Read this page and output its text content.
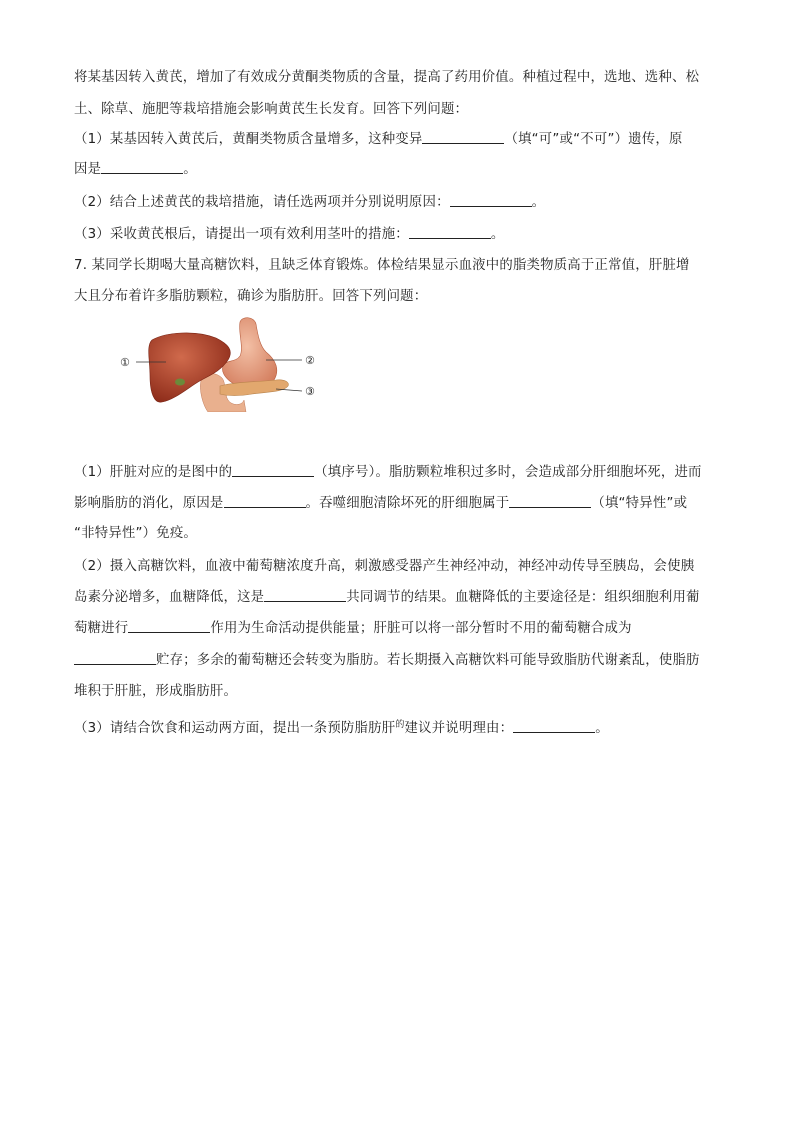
将某基因转入黄芪，增加了有效成分黄酮类物质的含量，提高了药用价值。种植过程中，选地、选种、松
土、除草、施肥等栽培措施会影响黄芪生长发育。回答下列问题：
（1）某基因转入黄芪后，黄酮类物质含量增多，这种变异	（填“可”或“不可”）遗传，原
因是	。
（2）结合上述黄芪的栽培措施，请任选两项并分别说明原因：	。
（3）采收黄芪根后，请提出一项有效利用茎叶的措施：	。
7. 某同学长期喝大量高糖饮料，且缺乏体育锻炼。体检结果显示血液中的脂类物质高于正常值，肝脏增
大且分布着许多脂肪颗粒，确诊为脂肪肝。回答下列问题：
①	②
③
（1）肝脏对应的是图中的	（填序号）。脂肪颗粒堆积过多时，会造成部分肝细胞坏死，进而
影响脂肪的消化，原因是	。吞噬细胞清除坏死的肝细胞属于	（填“特异性”或
“非特异性”）免疫。
（2）摄入高糖饮料，血液中葡萄糖浓度升高，刺激感受器产生神经冲动，神经冲动传导至胰岛，会使胰
岛素分泌增多，血糖降低，这是	共同调节的结果。血糖降低的主要途径是：组织细胞利用葡
萄糖进行	作用为生命活动提供能量；肝脏可以将一部分暂时不用的葡萄糖合成为
贮存；多余的葡萄糖还会转变为脂肪。若长期摄入高糖饮料可能导致脂肪代谢紊乱，使脂肪
堆积于肝脏，形成脂肪肝。
（3）请结合饮食和运动两方面，提出一条预防脂肪肝$^的$建议并说明理由：	。
